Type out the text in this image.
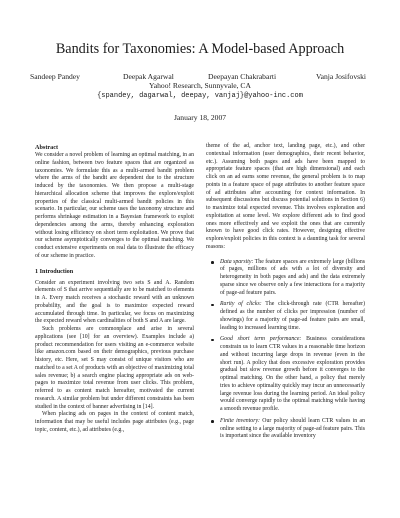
Bandits for Taxonomies: A Model-based Approach
Sandeep Pandey	Deepak Agarwal	Deepayan Chakrabarti	Vanja Josifovski
Yahoo! Research, Sunnyvale, CA
{spandey, dagarwal, deepay, vanjaj}@yahoo-inc.com
January 18, 2007
Abstract

We consider a novel problem of learning an optimal matching, in an online fashion, between two feature spaces that are organized as taxonomies. We formulate this as a multi-armed bandit problem where the arms of the bandit are dependent due to the structure induced by the taxonomies. We then propose a multi-stage hierarchical allocation scheme that improves the explore/exploit properties of the classical multi-armed bandit policies in this scenario. In particular, our scheme uses the taxonomy structure and performs shrinkage estimation in a Bayesian framework to exploit dependencies among the arms, thereby enhancing exploration without losing efficiency on short term exploitation. We prove that our scheme asymptotically converges to the optimal matching. We conduct extensive experiments on real data to illustrate the efficacy of our scheme in practice.

1 Introduction

Consider an experiment involving two sets S and A. Random elements of S that arrive sequentially are to be matched to elements in A. Every match receives a stochastic reward with an unknown probability, and the goal is to maximize expected reward accumulated through time. In particular, we focus on maximizing the expected reward when cardinalities of both S and A are large.

Such problems are commonplace and arise in several applications (see [10] for an overview). Examples include a) product recommendation for users visiting an e-commerce website like amazon.com based on their demographics, previous purchase history, etc. Here, set S may consist of unique visitors who are matched to a set A of products with an objective of maximizing total sales revenue; b) a search engine placing appropriate ads on web-pages to maximize total revenue from user clicks. This problem, referred to as content match hereafter, motivated the current research. A similar problem but under different constraints has been studied in the context of banner advertising in [14].

When placing ads on pages in the context of content match, information that may be useful includes page attributes (e.g., page topic, content, etc.), ad attributes (e.g.,

theme of the ad, anchor text, landing page, etc.), and other contextual information (user demographics, their recent behavior, etc.). Assuming both pages and ads have been mapped to appropriate feature spaces (that are high dimensional) and each click on an ad earns some revenue, the general problem is to map points in a feature space of page attributes to another feature space of ad attributes after accounting for context information. In subsequent discussions but discuss potential solutions in Section 6) to maximize total expected revenue. This involves exploration and exploitation at some level. We explore different ads to find good ones more effectively and we exploit the ones that are currently known to have good click rates. However, designing effective explore/exploit policies in this context is a daunting task for several reasons:

Data sparsity: The feature spaces are extremely large (billions of pages, millions of ads with a lot of diversity and heterogeneity in both pages and ads) and the data extremely sparse since we observe only a few interactions for a majority of page-ad feature pairs.
Rarity of clicks: The click-through rate (CTR hereafter) defined as the number of clicks per impression (number of showings) for a majority of page-ad feature pairs are small, leading to increased learning time.
Good short term performance: Business considerations constrain us to learn CTR values in a reasonable time horizon and without incurring large drops in revenue (even in the short run). A policy that does excessive exploration provides gradual but slow revenue growth before it converges to the optimal matching. On the other hand, a policy that merely tries to achieve optimality quickly may incur an unnecessarily large revenue loss during the learning period. An ideal policy would converge rapidly to the optimal matching while having a smooth revenue profile.
Finite inventory: Our policy should learn CTR values in an online setting to a large majority of page-ad feature pairs. This is important since the available inventory
